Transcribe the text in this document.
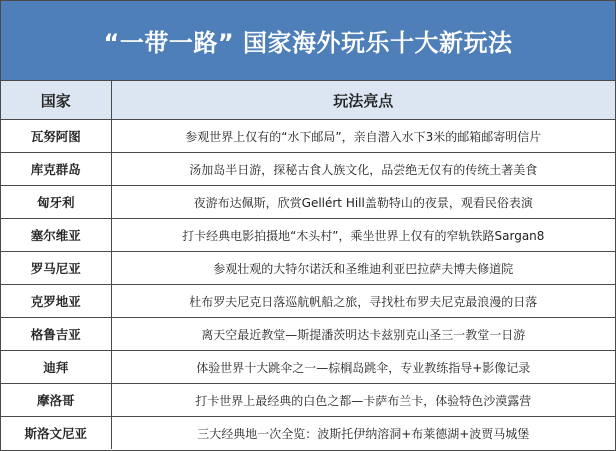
“一带一路” 国家海外玩乐十大新玩法
国家	玩法亮点
瓦努阿图	参观世界上仅有的“水下邮局”，亲自潜入水下3米的邮箱邮寄明信片
库克群岛	汤加岛半日游，探秘古食人族文化，品尝绝无仅有的传统土著美食
匈牙利	夜游布达佩斯，欣赏Gellért Hill盖勒特山的夜景，观看民俗表演
塞尔维亚	打卡经典电影拍摄地“木头村”，乘坐世界上仅有的窄轨铁路Sargan8
罗马尼亚	参观壮观的大特尔诺沃和圣维迪利亚巴拉萨夫博夫修道院
克罗地亚	杜布罗夫尼克日落巡航帆船之旅，寻找杜布罗夫尼克最浪漫的日落
格鲁吉亚	离天空最近教堂—斯提潘茨明达卡兹别克山圣三一教堂一日游
迪拜	体验世界十大跳伞之一—棕榈岛跳伞，专业教练指导+影像记录
摩洛哥	打卡世界上最经典的白色之都—卡萨布兰卡，体验特色沙漠露营
斯洛文尼亚	三大经典地一次全览：波斯托伊纳溶洞+布莱德湖+波贾马城堡
